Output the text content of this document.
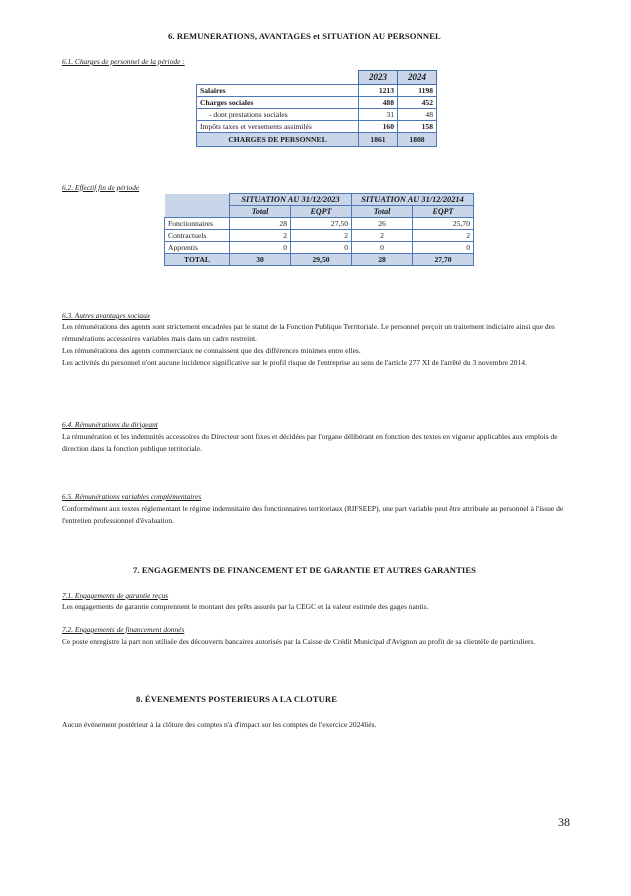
6. REMUNERATIONS, AVANTAGES et SITUATION AU PERSONNEL
6.1. Charges de personnel de la période :
	2023	2024
Salaires	1213	1198
Charges sociales	488	452
- dont prestations sociales	31	48
Impôts taxes et versements assimilés	160	158
CHARGES DE PERSONNEL	1861	1808
6.2. Effectif fin de période
	SITUATION AU 31/12/2023		SITUATION AU 31/12/20214	
	Total	EQPT	Total	EQPT
Fonctionnaires	28	27,50	26	25,70
Contractuels	2	2	2	2
Apprentis	0	0	0	0
TOTAL	30	29,50	28	27,70
6.3. Autres avantages sociaux

Les rémunérations des agents sont strictement encadrées par le statut de la Fonction Publique Territoriale. Le personnel perçoit un traitement indiciaire ainsi que des rémunérations accessoires variables mais dans un cadre restreint.

Les rémunérations des agents commerciaux ne connaissent que des différences minimes entre elles.

Les activités du personnel n'ont aucune incidence significative sur le profil risque de l'entreprise au sens de l'article 277 XI de l'arrêté du 3 novembre 2014.

6.4. Rémunérations du dirigeant
La rémunération et les indemnités accessoires du Directeur sont fixes et décidées par l'organe délibérant en fonction des textes en vigueur applicables aux emplois de direction dans la fonction publique territoriale.
6.5. Rémunérations variables complémentaires
Conformément aux textes réglementant le régime indemnitaire des fonctionnaires territoriaux (RIFSEEP), une part variable peut être attribuée au personnel à l'issue de l'entretien professionnel d'évaluation.
7. ENGAGEMENTS DE FINANCEMENT ET DE GARANTIE ET AUTRES GARANTIES
7.1. Engagements de garantie reçus
Les engagements de garantie comprennent le montant des prêts assurés par la CEGC et la valeur estimée des gages nantis.
7.2. Engagements de financement donnés
Ce poste enregistre la part non utilisée des découverts bancaires autorisés par la Caisse de Crédit Municipal d'Avignon au profit de sa clientèle de particuliers.
8. ÉVENEMENTS POSTERIEURS A LA CLOTURE
Aucun évènement postérieur à la clôture des comptes n'a d'impact sur les comptes de l'exercice 2024liés.
38
